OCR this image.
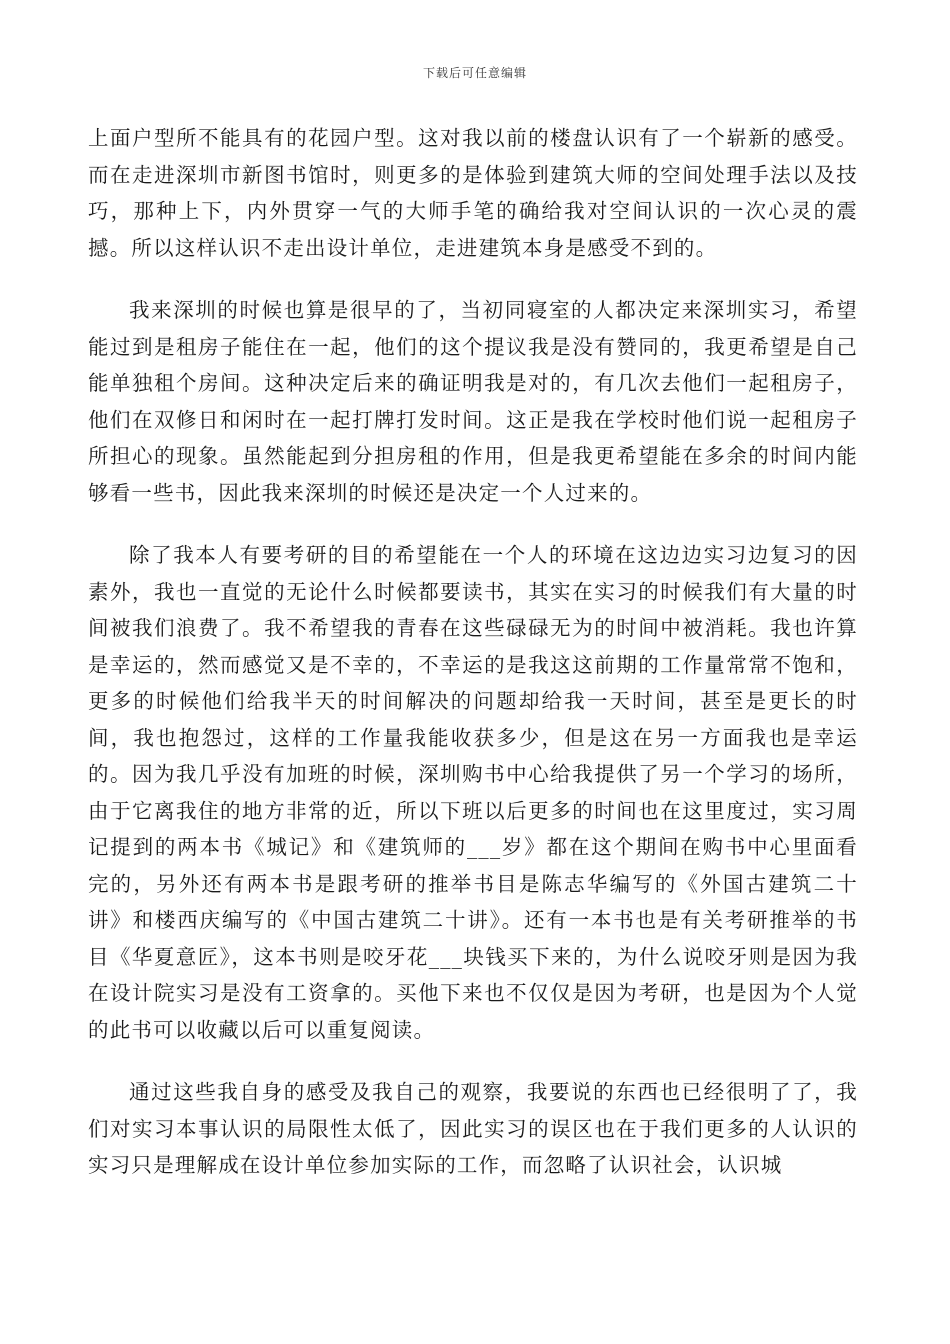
下载后可任意编辑

上面户型所不能具有的花园户型。这对我以前的楼盘认识有了一个崭新的感受。而在走进深圳市新图书馆时，则更多的是体验到建筑大师的空间处理手法以及技巧，那种上下，内外贯穿一气的大师手笔的确给我对空间认识的一次心灵的震撼。所以这样认识不走出设计单位，走进建筑本身是感受不到的。

我来深圳的时候也算是很早的了，当初同寝室的人都决定来深圳实习，希望能过到是租房子能住在一起，他们的这个提议我是没有赞同的，我更希望是自己能单独租个房间。这种决定后来的确证明我是对的，有几次去他们一起租房子，他们在双修日和闲时在一起打牌打发时间。这正是我在学校时他们说一起租房子所担心的现象。虽然能起到分担房租的作用，但是我更希望能在多余的时间内能够看一些书，因此我来深圳的时候还是决定一个人过来的。

除了我本人有要考研的目的希望能在一个人的环境在这边边实习边复习的因素外，我也一直觉的无论什么时候都要读书，其实在实习的时候我们有大量的时间被我们浪费了。我不希望我的青春在这些碌碌无为的时间中被消耗。我也许算是幸运的，然而感觉又是不幸的，不幸运的是我这这前期的工作量常常不饱和，更多的时候他们给我半天的时间解决的问题却给我一天时间，甚至是更长的时间，我也抱怨过，这样的工作量我能收获多少，但是这在另一方面我也是幸运的。因为我几乎没有加班的时候，深圳购书中心给我提供了另一个学习的场所，由于它离我住的地方非常的近，所以下班以后更多的时间也在这里度过，实习周记提到的两本书《城记》和《建筑师的___岁》都在这个期间在购书中心里面看完的，另外还有两本书是跟考研的推举书目是陈志华编写的《外国古建筑二十讲》和楼西庆编写的《中国古建筑二十讲》。还有一本书也是有关考研推举的书目《华夏意匠》，这本书则是咬牙花___块钱买下来的，为什么说咬牙则是因为我在设计院实习是没有工资拿的。买他下来也不仅仅是因为考研，也是因为个人觉的此书可以收藏以后可以重复阅读。

通过这些我自身的感受及我自己的观察，我要说的东西也已经很明了了，我们对实习本事认识的局限性太低了，因此实习的误区也在于我们更多的人认识的实习只是理解成在设计单位参加实际的工作，而忽略了认识社会，认识城
